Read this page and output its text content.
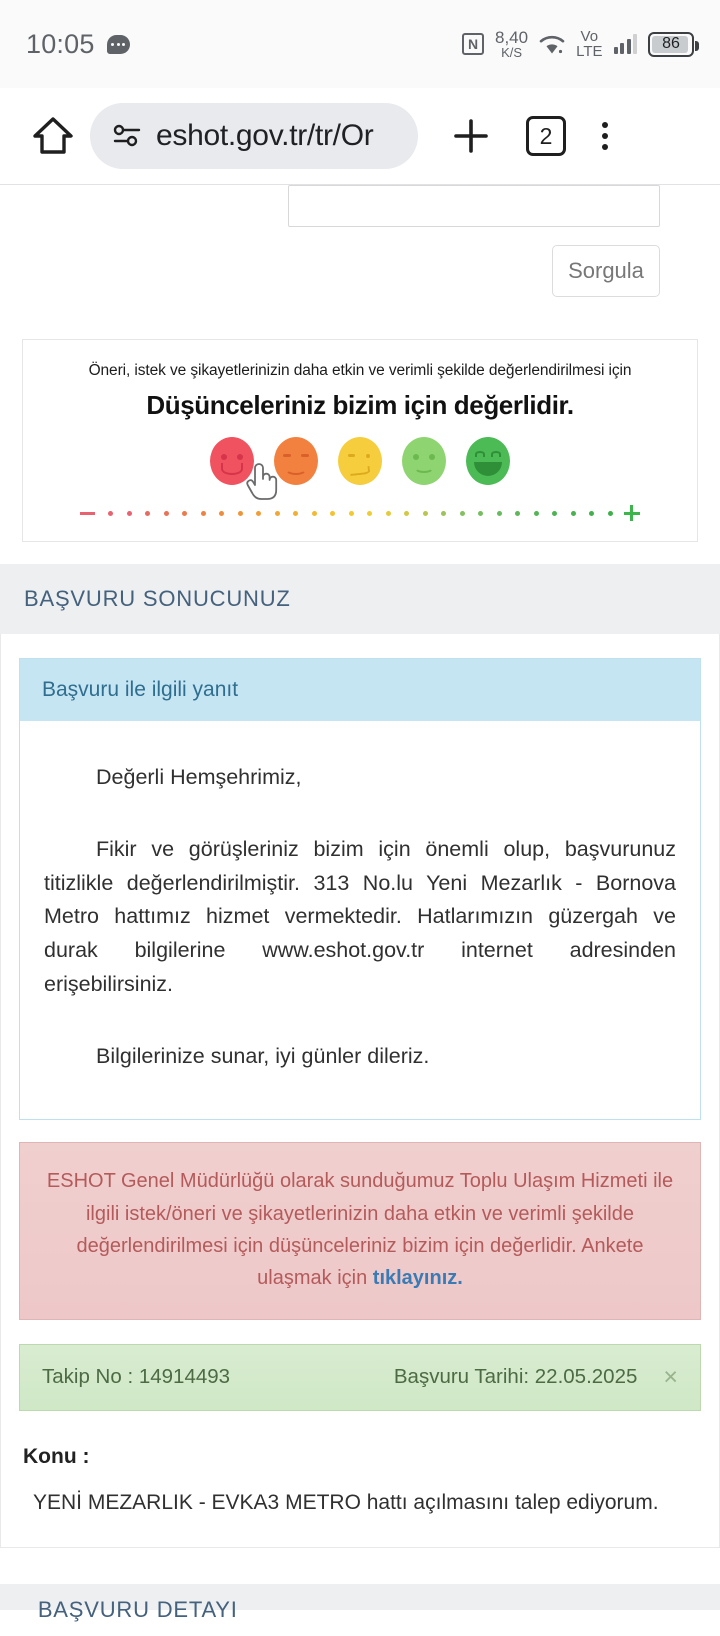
10:05	N 8,40
K/S
Vo
LTE	86
eshot.gov.tr/tr/Or	2
Sorgula
Öneri, istek ve şikayetlerinizin daha etkin ve verimli şekilde değerlendirilmesi için
Düşünceleriniz bizim için değerlidir.
BAŞVURU SONUCUNUZ
Başvuru ile ilgili yanıt

Değerli Hemşehrimiz,

Fikir ve görüşleriniz bizim için önemli olup, başvurunuz titizlikle değerlendirilmiştir. 313 No.lu Yeni Mezarlık - Bornova Metro hattımız hizmet vermektedir. Hatlarımızın güzergah ve durak bilgilerine www.eshot.gov.tr internet adresinden erişebilirsiniz.

Bilgilerinize sunar, iyi günler dileriz.

ESHOT Genel Müdürlüğü olarak sunduğumuz Toplu Ulaşım Hizmeti ile ilgili istek/öneri ve şikayetlerinizin daha etkin ve verimli şekilde değerlendirilmesi için düşünceleriniz bizim için değerlidir. Ankete ulaşmak için tıklayınız.
Takip No : 14914493	Başvuru Tarihi: 22.05.2025 ×
Konu :
YENİ MEZARLIK - EVKA3 METRO hattı açılmasını talep ediyorum.
BAŞVURU DETAYI
